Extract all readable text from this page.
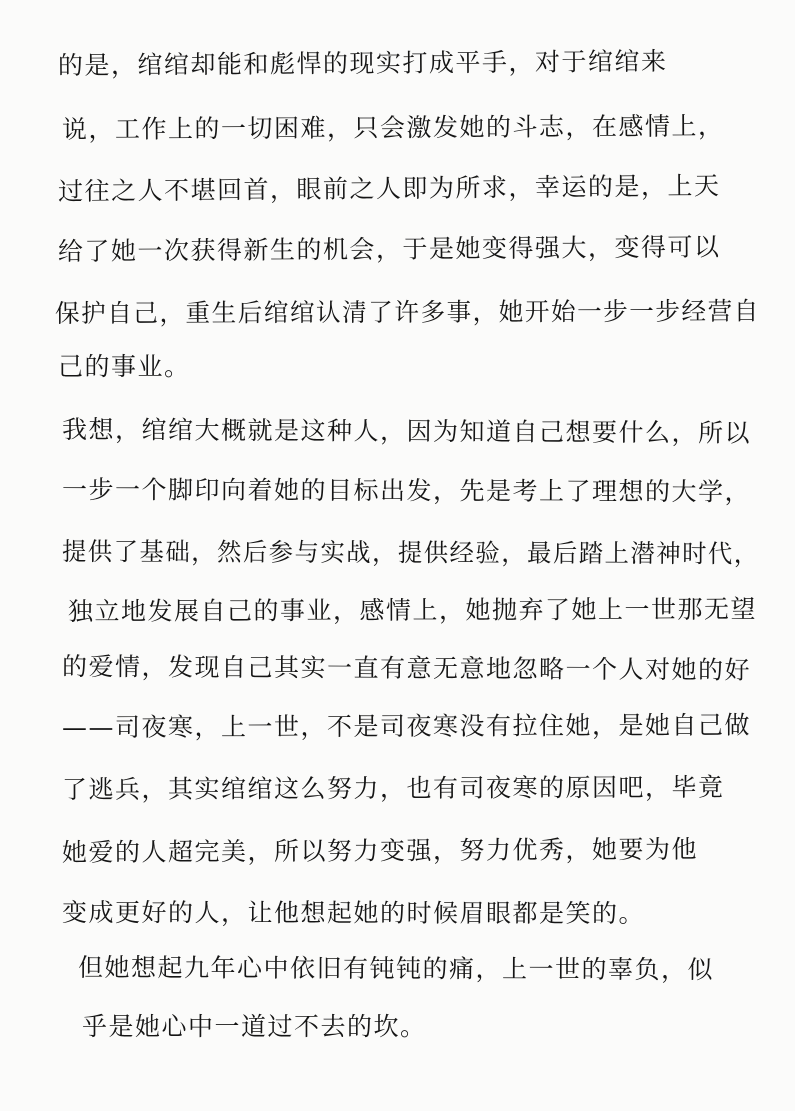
的是，绾绾却能和彪悍的现实打成平手，对于绾绾来
说，工作上的一切困难，只会激发她的斗志，在感情上，
过往之人不堪回首，眼前之人即为所求，幸运的是，上天
给了她一次获得新生的机会，于是她变得强大，变得可以
保护自己，重生后绾绾认清了许多事，她开始一步一步经营自
己的事业。
我想，绾绾大概就是这种人，因为知道自己想要什么，所以
一步一个脚印向着她的目标出发，先是考上了理想的大学，
提供了基础，然后参与实战，提供经验，最后踏上潜神时代，
独立地发展自己的事业，感情上，她抛弃了她上一世那无望
的爱情，发现自己其实一直有意无意地忽略一个人对她的好
——司夜寒，上一世，不是司夜寒没有拉住她，是她自己做
了逃兵，其实绾绾这么努力，也有司夜寒的原因吧，毕竟
她爱的人超完美，所以努力变强，努力优秀，她要为他
变成更好的人，让他想起她的时候眉眼都是笑的。
但她想起九年心中依旧有钝钝的痛，上一世的辜负，似
乎是她心中一道过不去的坎。
